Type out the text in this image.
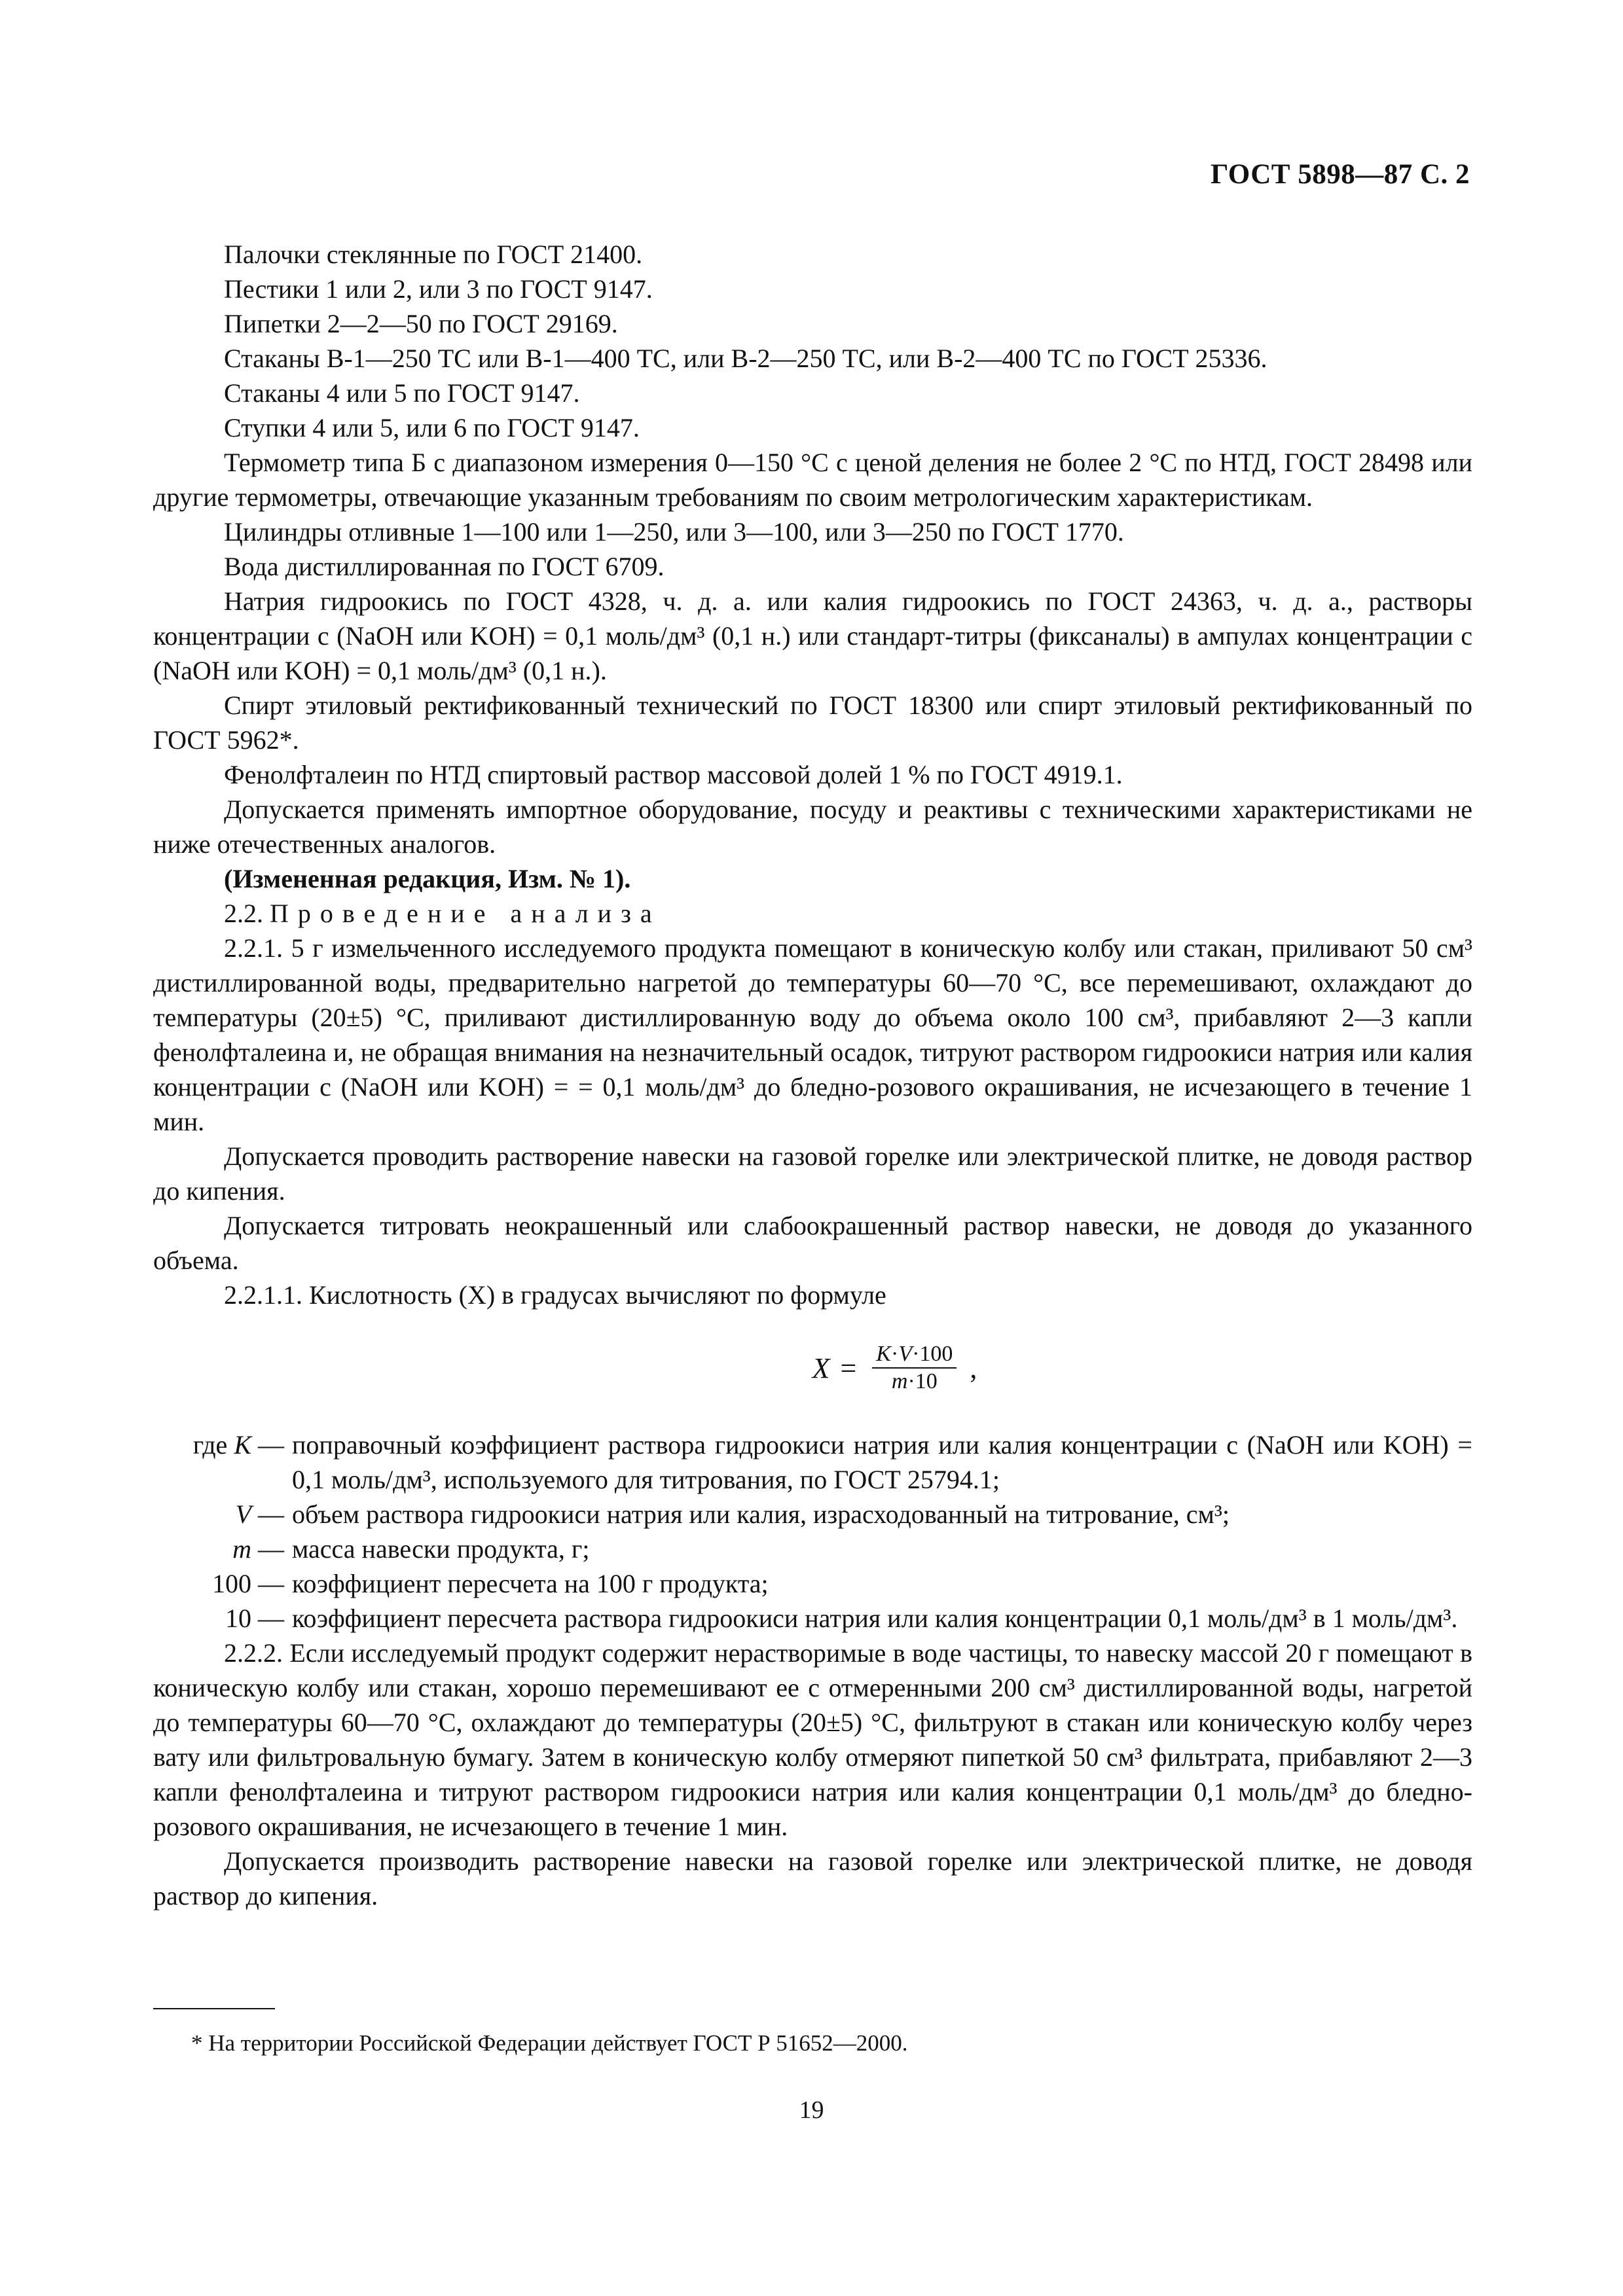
ГОСТ 5898—87 С. 2

Палочки стеклянные по ГОСТ 21400.

Пестики 1 или 2, или 3 по ГОСТ 9147.

Пипетки 2—2—50 по ГОСТ 29169.

Стаканы В-1—250 ТС или В-1—400 ТС, или В-2—250 ТС, или В-2—400 ТС по ГОСТ 25336.

Стаканы 4 или 5 по ГОСТ 9147.

Ступки 4 или 5, или 6 по ГОСТ 9147.

Термометр типа Б с диапазоном измерения 0—150 °С с ценой деления не более 2 °С по НТД, ГОСТ 28498 или другие термометры, отвечающие указанным требованиям по своим метрологическим характеристикам.

Цилиндры отливные 1—100 или 1—250, или 3—100, или 3—250 по ГОСТ 1770.

Вода дистиллированная по ГОСТ 6709.

Натрия гидроокись по ГОСТ 4328, ч. д. а. или калия гидроокись по ГОСТ 24363, ч. д. а., растворы концентрации c (NaOH или KOH) = 0,1 моль/дм³ (0,1 н.) или стандарт-титры (фиксаналы) в ампулах концентрации c (NaOH или KOH) = 0,1 моль/дм³ (0,1 н.).

Спирт этиловый ректификованный технический по ГОСТ 18300 или спирт этиловый ректификованный по ГОСТ 5962*.

Фенолфталеин по НТД спиртовый раствор массовой долей 1 % по ГОСТ 4919.1.

Допускается применять импортное оборудование, посуду и реактивы с техническими характеристиками не ниже отечественных аналогов.

(Измененная редакция, Изм. № 1).

2.2. Проведение анализа

2.2.1. 5 г измельченного исследуемого продукта помещают в коническую колбу или стакан, приливают 50 см³ дистиллированной воды, предварительно нагретой до температуры 60—70 °С, все перемешивают, охлаждают до температуры (20±5) °С, приливают дистиллированную воду до объема около 100 см³, прибавляют 2—3 капли фенолфталеина и, не обращая внимания на незначительный осадок, титруют раствором гидроокиси натрия или калия концентрации c (NaOH или KOH) = = 0,1 моль/дм³ до бледно-розового окрашивания, не исчезающего в течение 1 мин.

Допускается проводить растворение навески на газовой горелке или электрической плитке, не доводя раствор до кипения.

Допускается титровать неокрашенный или слабоокрашенный раствор навески, не доводя до указанного объема.

2.2.1.1. Кислотность (X) в градусах вычисляют по формуле

$X = \frac{K\cdot V\cdot 100}{m\cdot 10}$ ,
где K — поправочный коэффициент раствора гидроокиси натрия или калия концентрации c (NaOH или KOH) = 0,1 моль/дм³, используемого для титрования, по ГОСТ 25794.1;
V — объем раствора гидроокиси натрия или калия, израсходованный на титрование, см³;
m — масса навески продукта, г;
100 — коэффициент пересчета на 100 г продукта;
10 — коэффициент пересчета раствора гидроокиси натрия или калия концентрации 0,1 моль/дм³ в 1 моль/дм³.

2.2.2. Если исследуемый продукт содержит нерастворимые в воде частицы, то навеску массой 20 г помещают в коническую колбу или стакан, хорошо перемешивают ее с отмеренными 200 см³ дистиллированной воды, нагретой до температуры 60—70 °С, охлаждают до температуры (20±5) °С, фильтруют в стакан или коническую колбу через вату или фильтровальную бумагу. Затем в коническую колбу отмеряют пипеткой 50 см³ фильтрата, прибавляют 2—3 капли фенолфталеина и титруют раствором гидроокиси натрия или калия концентрации 0,1 моль/дм³ до бледно-розового окрашивания, не исчезающего в течение 1 мин.

Допускается производить растворение навески на газовой горелке или электрической плитке, не доводя раствор до кипения.

* На территории Российской Федерации действует ГОСТ Р 51652—2000.
19
